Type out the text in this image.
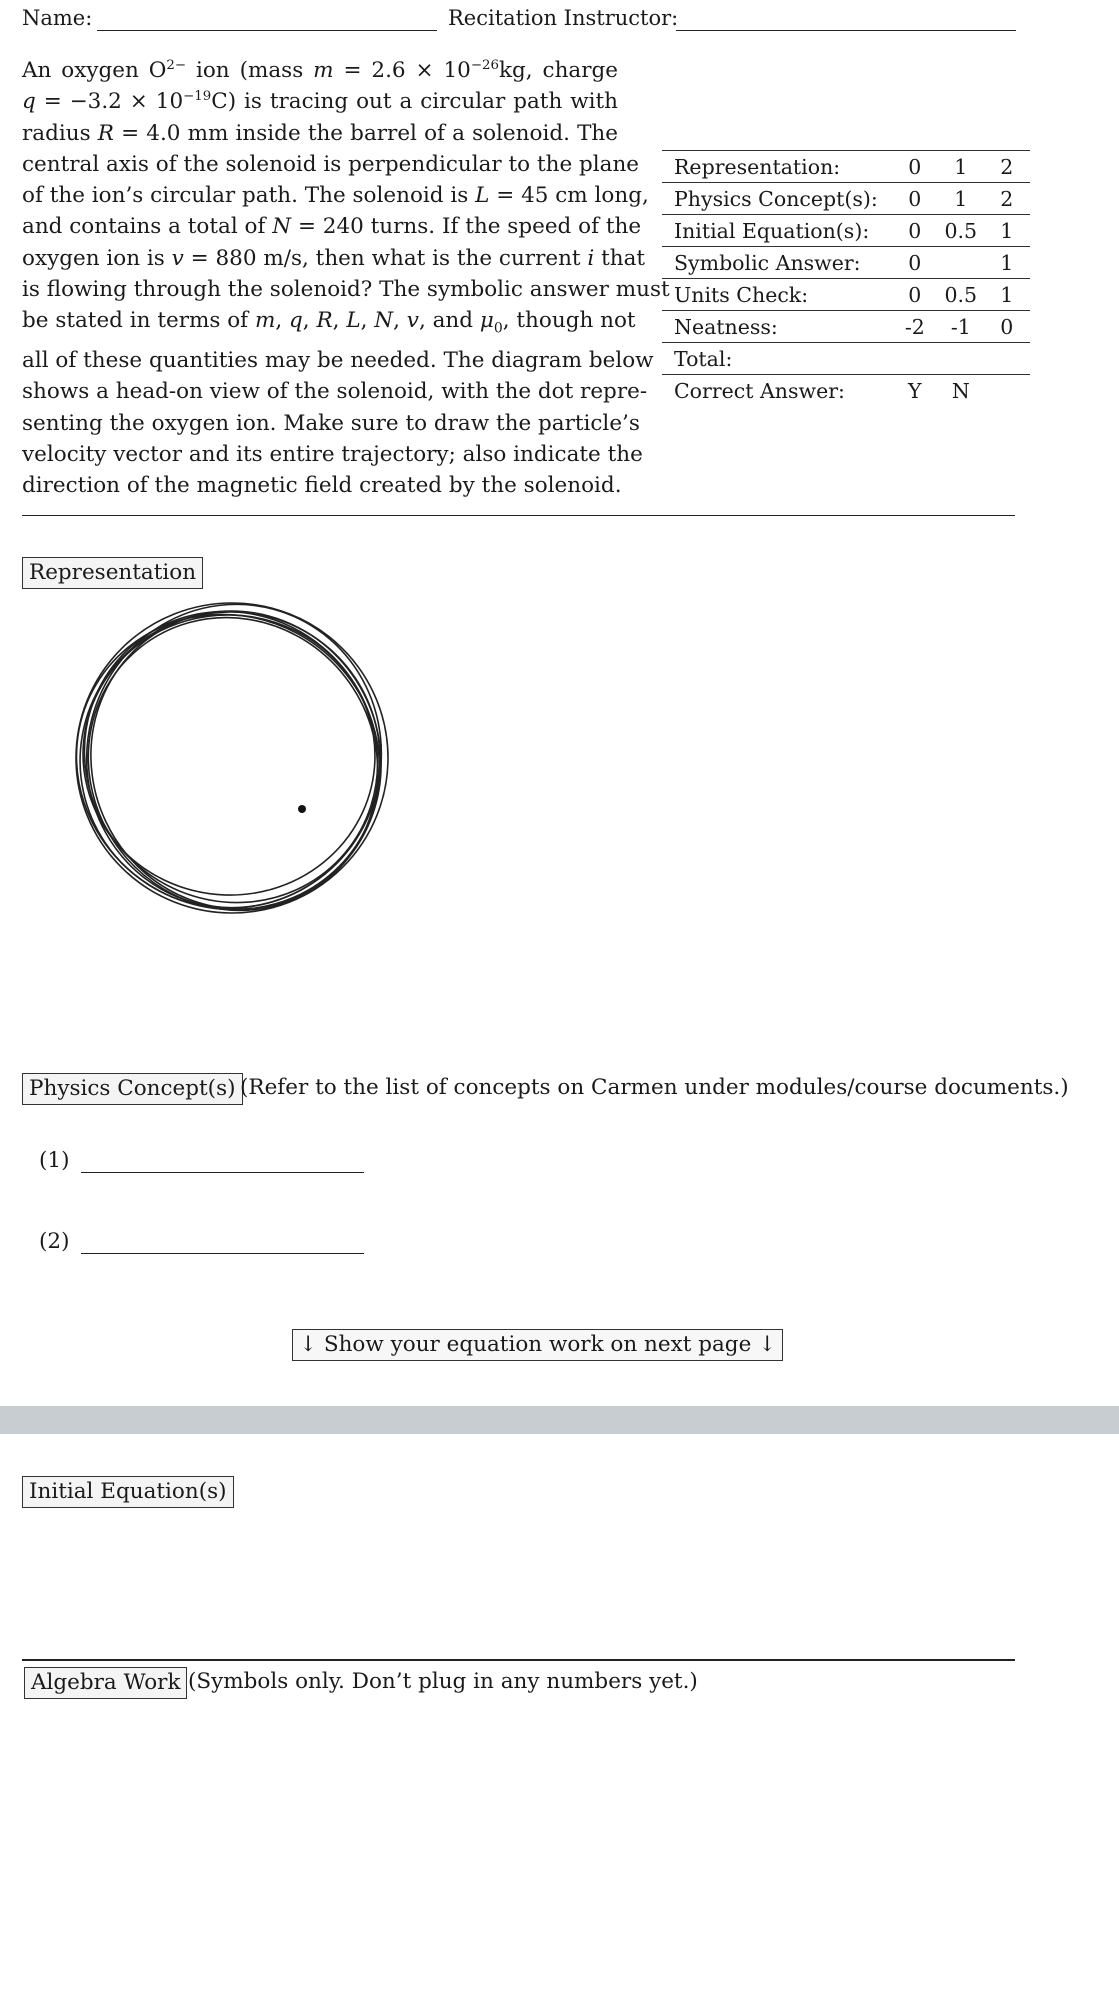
Name:	Recitation Instructor:
An oxygen $O^{2-}$ ion (mass $m = 2.6 \times 10^{-26}kg$, charge
$q = -3.2 \times 10^{-19}C$) is tracing out a circular path with
radius R = 4.0 mm inside the barrel of a solenoid. The
central axis of the solenoid is perpendicular to the plane
of the ion’s circular path. The solenoid is L = 45 cm long,
and contains a total of N = 240 turns. If the speed of the
oxygen ion is v = 880 m/s, then what is the current i that
is flowing through the solenoid? The symbolic answer must
be stated in terms of m, q, R, L, N, v, and $\mu_0$, though not
all of these quantities may be needed. The diagram below
shows a head-on view of the solenoid, with the dot repre-
senting the oxygen ion. Make sure to draw the particle’s
velocity vector and its entire trajectory; also indicate the
direction of the magnetic field created by the solenoid.
Representation:	0	1	2
Physics Concept(s):	0	1	2
Initial Equation(s):	0	0.5	1
Symbolic Answer:	0		1
Units Check:	0	0.5	1
Neatness:	-2	-1	0
Total:			
Correct Answer:	Y	N	
Representation
Physics Concept(s) (Refer to the list of concepts on Carmen under modules/course documents.)
(1)
(2)
↓ Show your equation work on next page ↓
Initial Equation(s)
Algebra Work (Symbols only. Don’t plug in any numbers yet.)
